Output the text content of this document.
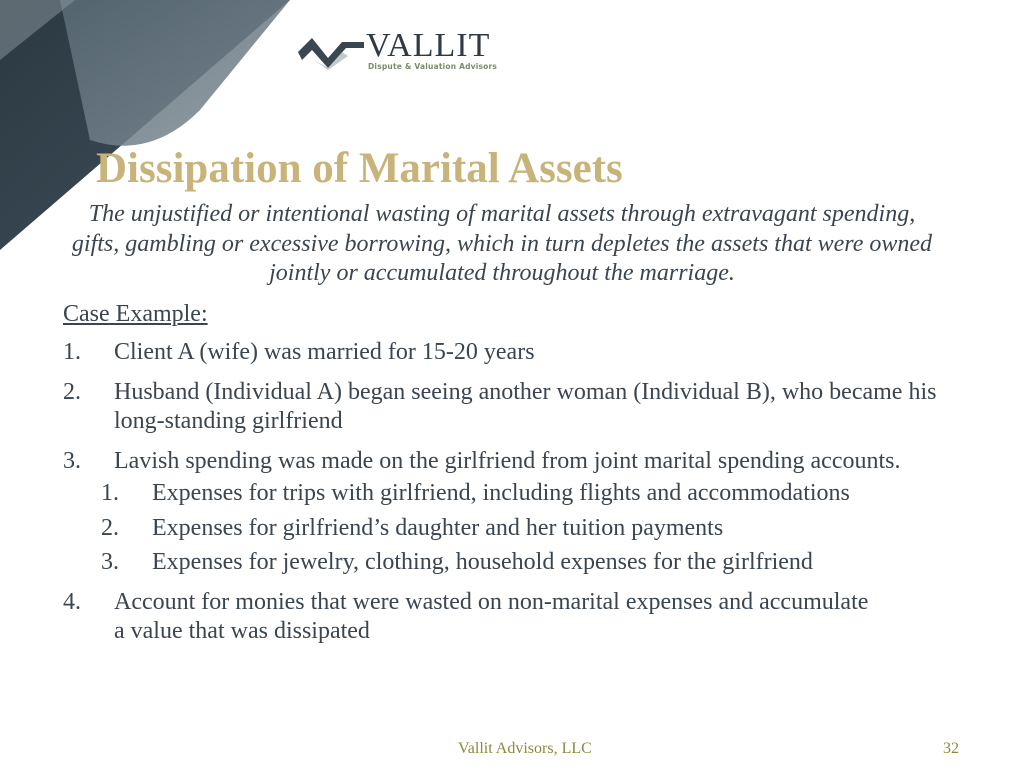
VALLIT
Dispute & Valuation Advisors
Dissipation of Marital Assets

The unjustified or intentional wasting of marital assets through extravagant spending, gifts, gambling or excessive borrowing, which in turn depletes the assets that were owned jointly or accumulated throughout the marriage.

Case Example:

1. Client A (wife) was married for 15-20 years
2. Husband (Individual A) began seeing another woman (Individual B), who became his long-standing girlfriend
3. Lavish spending was made on the girlfriend from joint marital spending accounts.
1. Expenses for trips with girlfriend, including flights and accommodations
2. Expenses for girlfriend’s daughter and her tuition payments
3. Expenses for jewelry, clothing, household expenses for the girlfriend
4. Account for monies that were wasted on non-marital expenses and accumulate a value that was dissipated
Vallit Advisors, LLC	32
